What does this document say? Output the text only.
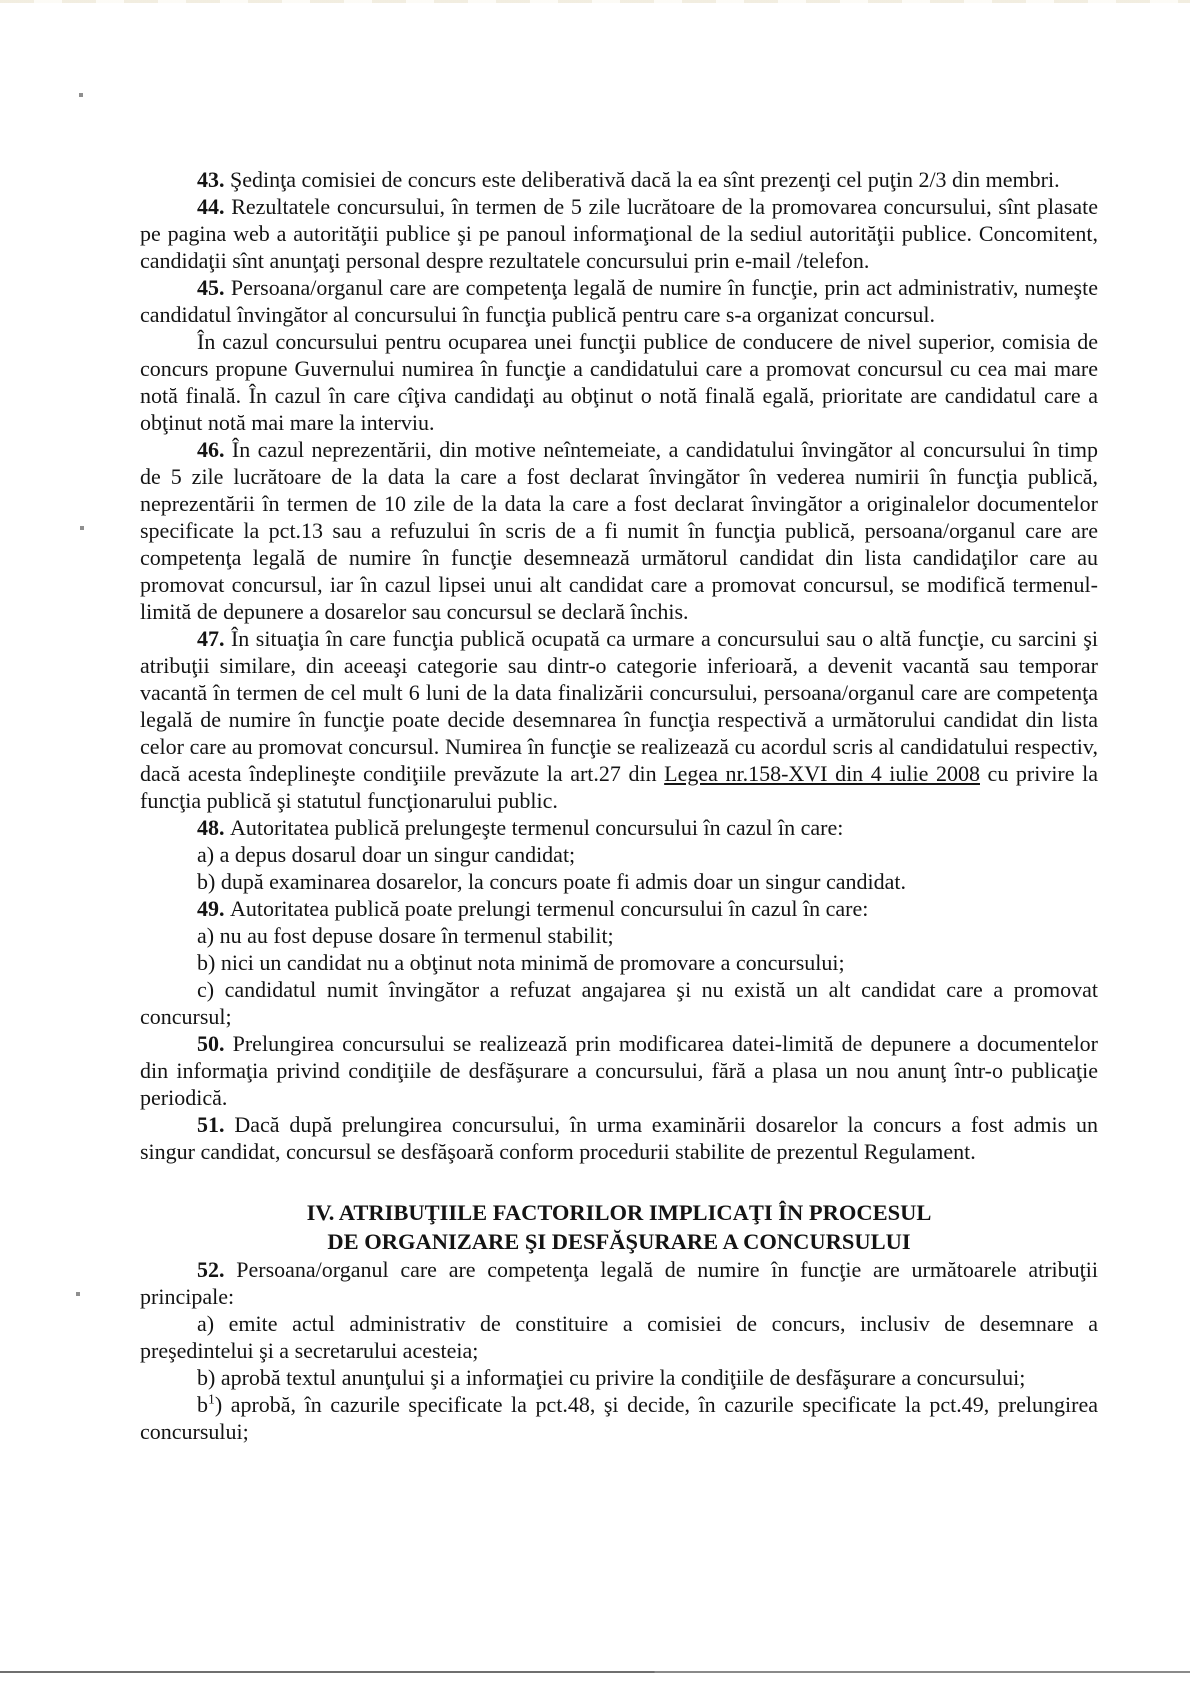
43. Şedinţa comisiei de concurs este deliberativă dacă la ea sînt prezenţi cel puţin 2/3 din membri.

44. Rezultatele concursului, în termen de 5 zile lucrătoare de la promovarea concursului, sînt plasate pe pagina web a autorităţii publice şi pe panoul informaţional de la sediul autorităţii publice. Concomitent, candidaţii sînt anunţaţi personal despre rezultatele concursului prin e-mail /telefon.

45. Persoana/organul care are competenţa legală de numire în funcţie, prin act administrativ, numeşte candidatul învingător al concursului în funcţia publică pentru care s-a organizat concursul.

În cazul concursului pentru ocuparea unei funcţii publice de conducere de nivel superior, comisia de concurs propune Guvernului numirea în funcţie a candidatului care a promovat concursul cu cea mai mare notă finală. În cazul în care cîţiva candidaţi au obţinut o notă finală egală, prioritate are candidatul care a obţinut notă mai mare la interviu.

46. În cazul neprezentării, din motive neîntemeiate, a candidatului învingător al concursului în timp de 5 zile lucrătoare de la data la care a fost declarat învingător în vederea numirii în funcţia publică, neprezentării în termen de 10 zile de la data la care a fost declarat învingător a originalelor documentelor specificate la pct.13 sau a refuzului în scris de a fi numit în funcţia publică, persoana/organul care are competenţa legală de numire în funcţie desemnează următorul candidat din lista candidaţilor care au promovat concursul, iar în cazul lipsei unui alt candidat care a promovat concursul, se modifică termenul-limită de depunere a dosarelor sau concursul se declară închis.

47. În situaţia în care funcţia publică ocupată ca urmare a concursului sau o altă funcţie, cu sarcini şi atribuţii similare, din aceeaşi categorie sau dintr-o categorie inferioară, a devenit vacantă sau temporar vacantă în termen de cel mult 6 luni de la data finalizării concursului, persoana/organul care are competenţa legală de numire în funcţie poate decide desemnarea în funcţia respectivă a următorului candidat din lista celor care au promovat concursul. Numirea în funcţie se realizează cu acordul scris al candidatului respectiv, dacă acesta îndeplineşte condiţiile prevăzute la art.27 din Legea nr.158-XVI din 4 iulie 2008 cu privire la funcţia publică şi statutul funcţionarului public.

48. Autoritatea publică prelungeşte termenul concursului în cazul în care:

a) a depus dosarul doar un singur candidat;

b) după examinarea dosarelor, la concurs poate fi admis doar un singur candidat.

49. Autoritatea publică poate prelungi termenul concursului în cazul în care:

a) nu au fost depuse dosare în termenul stabilit;

b) nici un candidat nu a obţinut nota minimă de promovare a concursului;

c) candidatul numit învingător a refuzat angajarea şi nu există un alt candidat care a promovat concursul;

50. Prelungirea concursului se realizează prin modificarea datei-limită de depunere a documentelor din informaţia privind condiţiile de desfăşurare a concursului, fără a plasa un nou anunţ într-o publicaţie periodică.

51. Dacă după prelungirea concursului, în urma examinării dosarelor la concurs a fost admis un singur candidat, concursul se desfăşoară conform procedurii stabilite de prezentul Regulament.

IV. ATRIBUŢIILE FACTORILOR IMPLICAŢI ÎN PROCESUL
DE ORGANIZARE ŞI DESFĂŞURARE A CONCURSULUI

52. Persoana/organul care are competenţa legală de numire în funcţie are următoarele atribuţii principale:

a) emite actul administrativ de constituire a comisiei de concurs, inclusiv de desemnare a preşedintelui şi a secretarului acesteia;

b) aprobă textul anunţului şi a informaţiei cu privire la condiţiile de desfăşurare a concursului;

b$^1$) aprobă, în cazurile specificate la pct.48, şi decide, în cazurile specificate la pct.49, prelungirea concursului;
